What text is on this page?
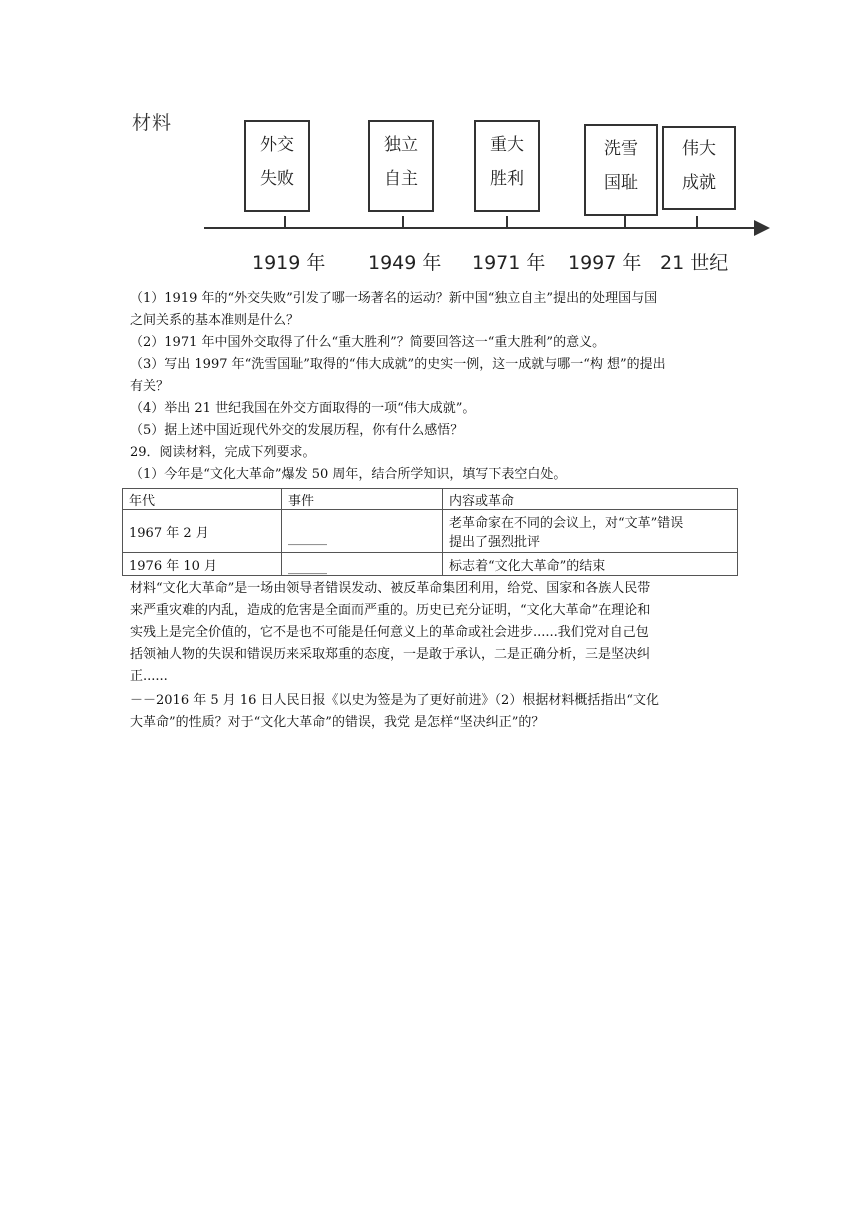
材料
外交
失败
独立
自主
重大
胜利
洗雪
国耻
伟大
成就
1919 年 1949 年 1971 年 1997 年 21 世纪
（1）1919 年的“外交失败”引发了哪一场著名的运动？新中国“独立自主”提出的处理国与国
之间关系的基本准则是什么？
（2）1971 年中国外交取得了什么“重大胜利”？简要回答这一“重大胜利”的意义。
（3）写出 1997 年“洗雪国耻”取得的“伟大成就”的史实一例，这一成就与哪一“构 想”的提出
有关？
（4）举出 21 世纪我国在外交方面取得的一项“伟大成就”。
（5）据上述中国近现代外交的发展历程，你有什么感悟？
29．阅读材料，完成下列要求。
（1）今年是“文化大革命”爆发 50 周年，结合所学知识，填写下表空白处。
年代	事件	内容或革命
1967 年 2 月	______	老革命家在不同的会议上，对“文革”错误
提出了强烈批评

1976 年 10 月	______	标志着“文化大革命”的结束
材料“文化大革命”是一场由领导者错误发动、被反革命集团利用，给党、国家和各族人民带
来严重灾难的内乱，造成的危害是全面而严重的。历史已充分证明，“文化大革命”在理论和
实残上是完全价值的，它不是也不可能是任何意义上的革命或社会进步......我们党对自己包
括领袖人物的失误和错误历来采取郑重的态度，一是敢于承认，二是正确分析，三是坚决纠
正......
－－2016 年 5 月 16 日人民日报《以史为签是为了更好前进》（2）根据材料概括指出“文化
大革命”的性质？对于“文化大革命”的错误，我党 是怎样“坚决纠正”的？
